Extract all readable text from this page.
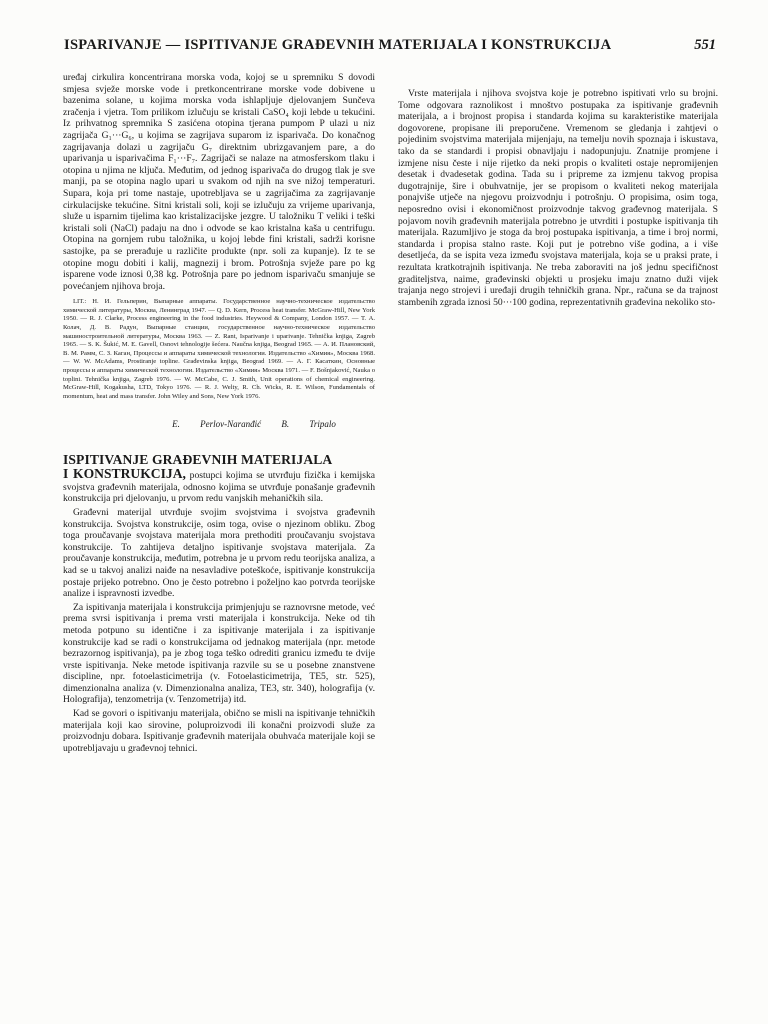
ISPARIVANJE — ISPITIVANJE GRAĐEVNIH MATERIJALA I KONSTRUKCIJA	551

uređaj cirkulira koncentrirana morska voda, kojoj se u spremniku S dovodi smjesa svježe morske vode i pretkoncentrirane morske vode dobivene u bazenima solane, u kojima morska voda ishlapljuje djelovanjem Sunčeva zračenja i vjetra. Tom prilikom izlučuju se kristali CaSO₄ koji lebde u tekućini. Iz prihvatnog spremnika S zasićena otopina tjerana pumpom P ulazi u niz zagrijača G₁···G₆, u kojima se zagrijava suparom iz isparivača. Do konačnog zagrijavanja dolazi u zagrijaču G₇ direktnim ubrizgavanjem pare, a do uparivanja u isparivačima F₁···F₇. Zagrijači se nalaze na atmosferskom tlaku i otopina u njima ne ključa. Međutim, od jednog isparivača do drugog tlak je sve manji, pa se otopina naglo upari u svakom od njih na sve nižoj temperaturi. Supara, koja pri tome nastaje, upotrebljava se u zagrijačima za zagrijavanje cirkulacijske tekućine. Sitni kristali soli, koji se izlučuju za vrijeme uparivanja, služe u isparnim tijelima kao kristalizacijske jezgre. U taložniku T veliki i teški kristali soli (NaCl) padaju na dno i odvode se kao kristalna kaša u centrifugu. Otopina na gornjem rubu taložnika, u kojoj lebde fini kristali, sadrži korisne sastojke, pa se prerađuje u različite produkte (npr. soli za kupanje). Iz te se otopine mogu dobiti i kalij, magnezij i brom. Potrošnja svježe pare po kg isparene vode iznosi 0,38 kg. Potrošnja pare po jednom isparivaču smanjuje se povećanjem njihova broja.

LIT.: Н. И. Гельперин, Выпарные аппараты. Государственное научно-техническое издательство химической литературы, Москва, Ленинград 1947. — Q. D. Kern, Process heat transfer. McGraw-Hill, New York 1950. — R. J. Clarke, Process engineering in the food industries. Heywood & Company, London 1957. — Т. А. Колач, Д. В. Радун, Выпарные станции, государственное научно-техническое издательство машиностроительной литературы, Москва 1963. — Z. Rant, Isparivanje i uparivanje. Tehnička knjiga, Zagreb 1965. — S. K. Šukić, M. E. Gavell, Osnovi tehnologije šećera. Naučna knjiga, Beograd 1965. — А. И. Плановский, В. М. Рамм, С. З. Каган, Процессы и аппараты химической технологии. Издательство «Химия», Москва 1968. — W. W. McAdams, Prostiranje topline. Građevinska knjiga, Beograd 1969. — А. Г. Касаткин, Основные процессы и аппараты химической технологии. Издательство «Химия» Москва 1971. — F. Bošnjaković, Nauka o toplini. Tehnička knjiga, Zagreb 1976. — W. McCabe, C. J. Smith, Unit operations of chemical engineering. McGraw-Hill, Kogakusha, LTD, Tokyo 1976. — R. J. Welty, R. Ch. Wicks, R. E. Wilson, Fundamentals of momentum, heat and mass transfer. John Wiley and Sons, New York 1976.

E. Perlov-Naranđić B. Tripalo

ISPITIVANJE GRAĐEVNIH MATERIJALA

I KONSTRUKCIJA, postupci kojima se utvrđuju fizička i kemijska svojstva građevnih materijala, odnosno kojima se utvrđuje ponašanje građevnih konstrukcija pri djelovanju, u prvom redu vanjskih mehaničkih sila.

Građevni materijal utvrđuje svojim svojstvima i svojstva građevnih konstrukcija. Svojstva konstrukcije, osim toga, ovise o njezinom obliku. Zbog toga proučavanje svojstava materijala mora prethoditi proučavanju svojstava konstrukcije. To zahtijeva detaljno ispitivanje svojstava materijala. Za proučavanje konstrukcija, međutim, potrebna je u prvom redu teorijska analiza, a kad se u takvoj analizi naiđe na nesavladive poteškoće, ispitivanje konstrukcija postaje prijeko potrebno. Ono je često potrebno i poželjno kao potvrda teorijske analize i ispravnosti izvedbe.

Za ispitivanja materijala i konstrukcija primjenjuju se raznovrsne metode, već prema svrsi ispitivanja i prema vrsti materijala i konstrukcija. Neke od tih metoda potpuno su identične i za ispitivanje materijala i za ispitivanje konstrukcije kad se radi o konstrukcijama od jednakog materijala (npr. metode bezrazornog ispitivanja), pa je zbog toga teško odrediti granicu između te dvije vrste ispitivanja. Neke metode ispitivanja razvile su se u posebne znanstvene discipline, npr. fotoelasticimetrija (v. Fotoelasticimetrija, TE5, str. 525), dimenzionalna analiza (v. Dimenzionalna analiza, TE3, str. 340), holografija (v. Holografija), tenzometrija (v. Tenzometrija) itd.

Kad se govori o ispitivanju materijala, obično se misli na ispitivanje tehničkih materijala koji kao sirovine, poluproizvodi ili konačni proizvodi služe za proizvodnju dobara. Ispitivanje građevnih materijala obuhvaća materijale koji se upotrebljavaju u građevnoj tehnici.

Vrste materijala i njihova svojstva koje je potrebno ispitivati vrlo su brojni. Tome odgovara raznolikost i mnoštvo postupaka za ispitivanje građevnih materijala, a i brojnost propisa i standarda kojima su karakteristike materijala dogovorene, propisane ili preporučene. Vremenom se gledanja i zahtjevi o pojedinim svojstvima materijala mijenjaju, na temelju novih spoznaja i iskustava, tako da se standardi i propisi obnavljaju i nadopunjuju. Znatnije promjene i izmjene nisu česte i nije rijetko da neki propis o kvaliteti ostaje nepromijenjen desetak i dvadesetak godina. Tada su i pripreme za izmjenu takvog propisa dugotrajnije, šire i obuhvatnije, jer se propisom o kvaliteti nekog materijala ponajviše utječe na njegovu proizvodnju i potrošnju. O propisima, osim toga, neposredno ovisi i ekonomičnost proizvodnje takvog građevnog materijala. S pojavom novih građevnih materijala potrebno je utvrditi i postupke ispitivanja tih materijala. Razumljivo je stoga da broj postupaka ispitivanja, a time i broj normi, standarda i propisa stalno raste. Koji put je potrebno više godina, a i više desetljeća, da se ispita veza između svojstava materijala, koja se u praksi prate, i rezultata kratkotrajnih ispitivanja. Ne treba zaboraviti na još jednu specifičnost graditeljstva, naime, građevinski objekti u prosjeku imaju znatno duži vijek trajanja nego strojevi i uređaji drugih tehničkih grana. Npr., računa se da trajnost stambenih zgrada iznosi 50···100 godina, reprezentativnih građevina nekoliko sto-
